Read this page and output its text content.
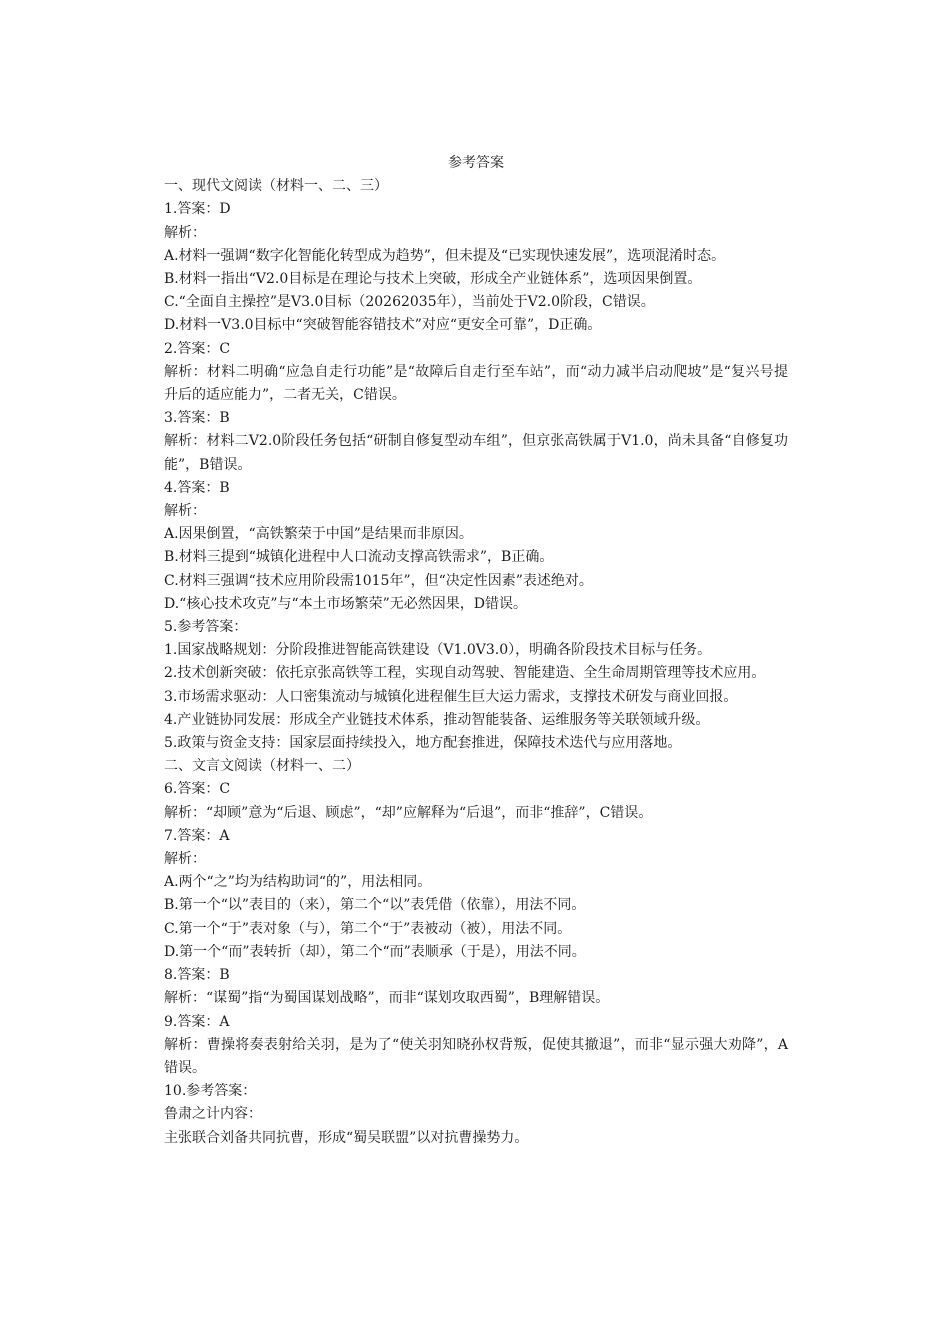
参考答案
一、现代文阅读（材料一、二、三）
1.答案：D
解析：
A.材料一强调“数字化智能化转型成为趋势”，但未提及“已实现快速发展”，选项混淆时态。
B.材料一指出“V2.0目标是在理论与技术上突破，形成全产业链体系”，选项因果倒置。
C.“全面自主操控”是V3.0目标（20262035年），当前处于V2.0阶段，C错误。
D.材料一V3.0目标中“突破智能容错技术”对应“更安全可靠”，D正确。
2.答案：C
解析：材料二明确“应急自走行功能”是“故障后自走行至车站”，而“动力减半启动爬坡”是“复兴号提升后的适应能力”，二者无关，C错误。
3.答案：B
解析：材料二V2.0阶段任务包括“研制自修复型动车组”，但京张高铁属于V1.0，尚未具备“自修复功能”，B错误。
4.答案：B
解析：
A.因果倒置，“高铁繁荣于中国”是结果而非原因。
B.材料三提到“城镇化进程中人口流动支撑高铁需求”，B正确。
C.材料三强调“技术应用阶段需1015年”，但“决定性因素”表述绝对。
D.“核心技术攻克”与“本土市场繁荣”无必然因果，D错误。
5.参考答案：
1.国家战略规划：分阶段推进智能高铁建设（V1.0V3.0），明确各阶段技术目标与任务。
2.技术创新突破：依托京张高铁等工程，实现自动驾驶、智能建造、全生命周期管理等技术应用。
3.市场需求驱动：人口密集流动与城镇化进程催生巨大运力需求，支撑技术研发与商业回报。
4.产业链协同发展：形成全产业链技术体系，推动智能装备、运维服务等关联领域升级。
5.政策与资金支持：国家层面持续投入，地方配套推进，保障技术迭代与应用落地。
二、文言文阅读（材料一、二）
6.答案：C
解析：“却顾”意为“后退、顾虑”，“却”应解释为“后退”，而非“推辞”，C错误。
7.答案：A
解析：
A.两个“之”均为结构助词“的”，用法相同。
B.第一个“以”表目的（来），第二个“以”表凭借（依靠），用法不同。
C.第一个“于”表对象（与），第二个“于”表被动（被），用法不同。
D.第一个“而”表转折（却），第二个“而”表顺承（于是），用法不同。
8.答案：B
解析：“谋蜀”指“为蜀国谋划战略”，而非“谋划攻取西蜀”，B理解错误。
9.答案：A
解析：曹操将奏表射给关羽，是为了“使关羽知晓孙权背叛，促使其撤退”，而非“显示强大劝降”，A错误。
10.参考答案：
鲁肃之计内容：
主张联合刘备共同抗曹，形成“蜀吴联盟”以对抗曹操势力。
